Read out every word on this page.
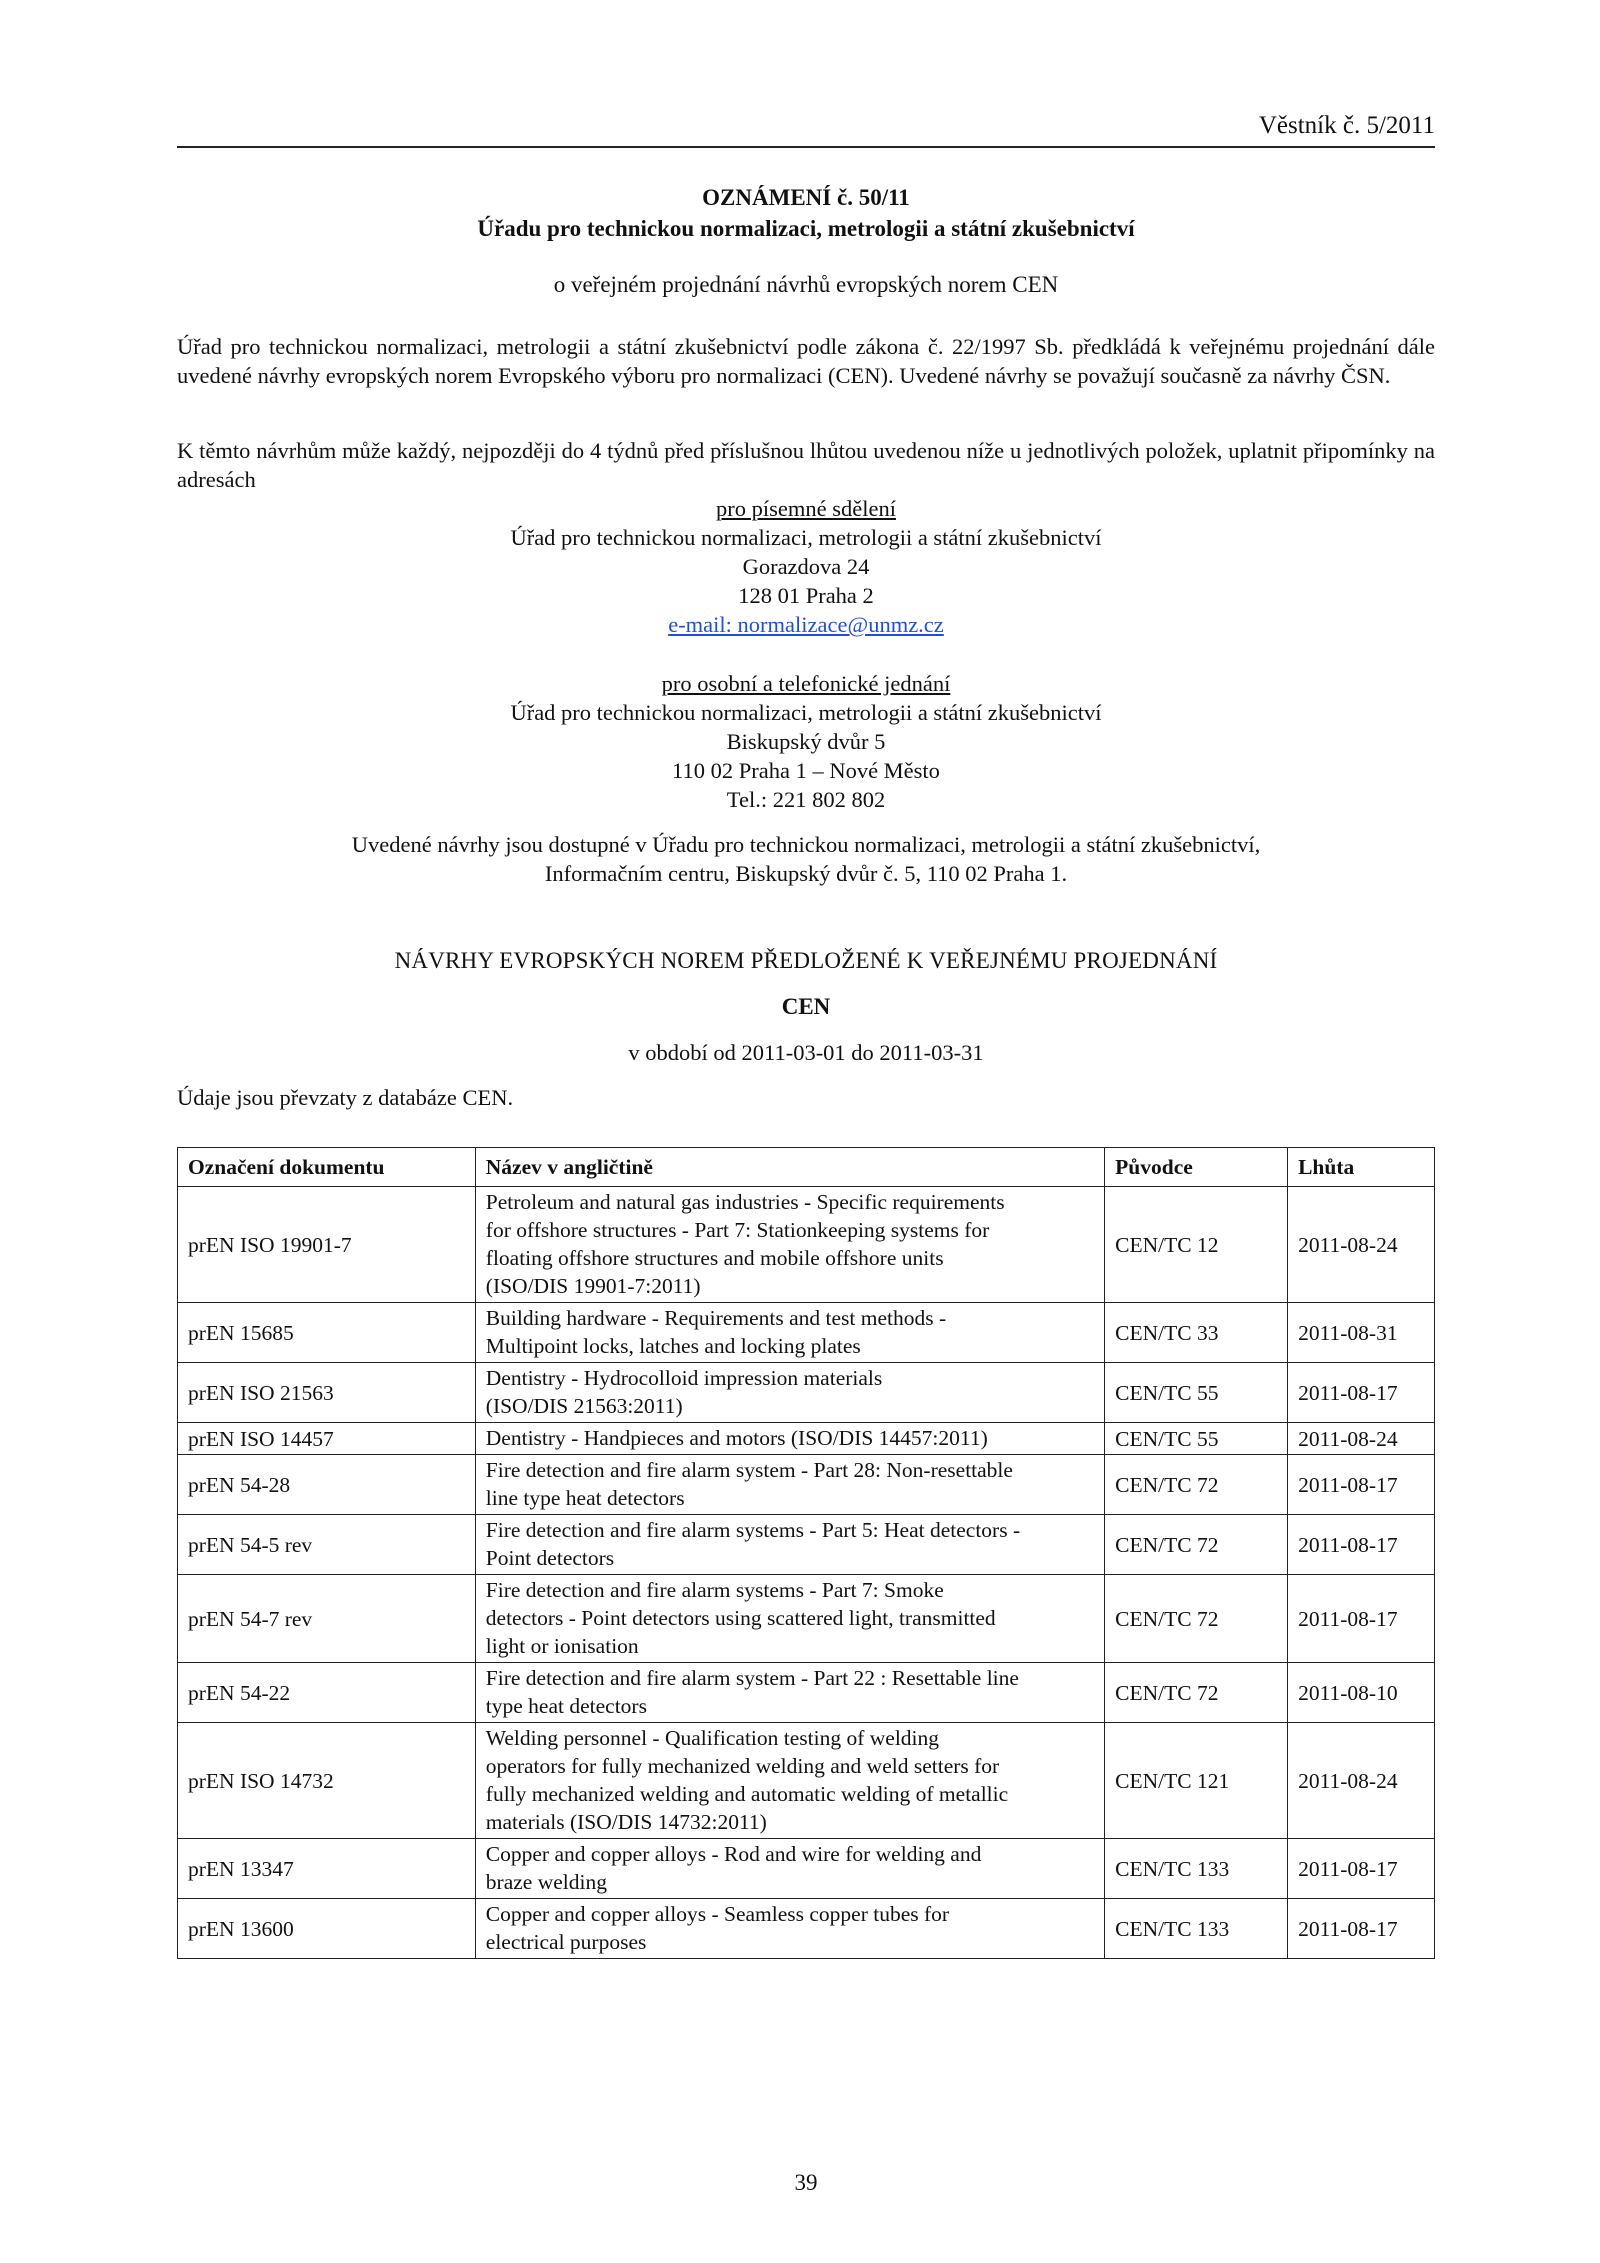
Věstník č. 5/2011
OZNÁMENÍ č. 50/11
Úřadu pro technickou normalizaci, metrologii a státní zkušebnictví
o veřejném projednání návrhů evropských norem CEN
Úřad pro technickou normalizaci, metrologii a státní zkušebnictví podle zákona č. 22/1997 Sb. předkládá k veřejnému projednání dále uvedené návrhy evropských norem Evropského výboru pro normalizaci (CEN). Uvedené návrhy se považují současně za návrhy ČSN.
K těmto návrhům může každý, nejpozději do 4 týdnů před příslušnou lhůtou uvedenou níže u jednotlivých položek, uplatnit připomínky na adresách
pro písemné sdělení
Úřad pro technickou normalizaci, metrologii a státní zkušebnictví
Gorazdova 24
128 01 Praha 2
e-mail: normalizace@unmz.cz
pro osobní a telefonické jednání
Úřad pro technickou normalizaci, metrologii a státní zkušebnictví
Biskupský dvůr 5
110 02 Praha 1 – Nové Město
Tel.: 221 802 802
Uvedené návrhy jsou dostupné v Úřadu pro technickou normalizaci, metrologii a státní zkušebnictví,
Informačním centru, Biskupský dvůr č. 5, 110 02 Praha 1.
NÁVRHY EVROPSKÝCH NOREM PŘEDLOŽENÉ K VEŘEJNÉMU PROJEDNÁNÍ
CEN
v období od 2011-03-01 do 2011-03-31
Údaje jsou převzaty z databáze CEN.
Označení dokumentu	Název v angličtině	Původce	Lhůta
prEN ISO 19901-7	Petroleum and natural gas industries - Specific requirements
for offshore structures - Part 7: Stationkeeping systems for
floating offshore structures and mobile offshore units
(ISO/DIS 19901-7:2011)	CEN/TC 12	2011-08-24
prEN 15685	Building hardware - Requirements and test methods -
Multipoint locks, latches and locking plates	CEN/TC 33	2011-08-31
prEN ISO 21563	Dentistry - Hydrocolloid impression materials
(ISO/DIS 21563:2011)	CEN/TC 55	2011-08-17
prEN ISO 14457	Dentistry - Handpieces and motors (ISO/DIS 14457:2011)	CEN/TC 55	2011-08-24
prEN 54-28	Fire detection and fire alarm system - Part 28: Non-resettable
line type heat detectors	CEN/TC 72	2011-08-17
prEN 54-5 rev	Fire detection and fire alarm systems - Part 5: Heat detectors -
Point detectors	CEN/TC 72	2011-08-17
prEN 54-7 rev	Fire detection and fire alarm systems - Part 7: Smoke
detectors - Point detectors using scattered light, transmitted
light or ionisation	CEN/TC 72	2011-08-17
prEN 54-22	Fire detection and fire alarm system - Part 22 : Resettable line
type heat detectors	CEN/TC 72	2011-08-10
prEN ISO 14732	Welding personnel - Qualification testing of welding
operators for fully mechanized welding and weld setters for
fully mechanized welding and automatic welding of metallic
materials (ISO/DIS 14732:2011)	CEN/TC 121	2011-08-24
prEN 13347	Copper and copper alloys - Rod and wire for welding and
braze welding	CEN/TC 133	2011-08-17
prEN 13600	Copper and copper alloys - Seamless copper tubes for
electrical purposes	CEN/TC 133	2011-08-17
39
